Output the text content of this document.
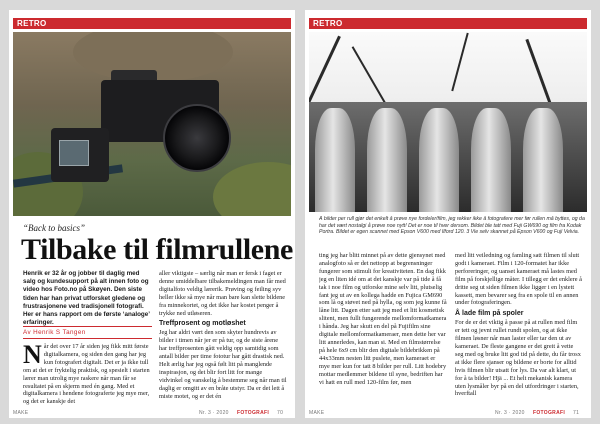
RETRO
“Back to basics”
Tilbake til filmrullene
Henrik er 32 år og jobber til daglig med salg og kundesupport på alt innen foto og video hos Foto.no på Skøyen. Den siste tiden har han privat utforsket gledene og frustrasjonene ved tradisjonell fotografi. Her er hans rapport om de første ‘analoge’ erfaringer.
Av Henrik S Tangen
Når det over 17 år siden jeg fikk mitt første digitalkamera, og siden den gang har jeg kun fotografert digitalt. Det er ja ikke tull om at det er fryktelig praktisk, og spesielt i starten lærer man utrolig mye raskere når man får se resultatet på en skjerm med én gang. Med et digitalkamera i hendene fotograferte jeg mye mer, og det er kanskje det
aller viktigste – særlig når man er fersk i faget er denne umiddelbare tilbakemeldingen man får med digitalfoto veldig lærerik. Prøving og feiling syv heller ikke så mye når man bare kan slette bildene fra minnekortet, og det ikke har kostet penger å trykke ned utløseren.
Treffprosent og motløshet
Jeg har aldri vært den som skyter hundrevis av bilder i timen når jer er på tur, og de siste årene har treffprosenten gått veldig opp samtidig som antall bilder per time fototur har gått drastisk ned. Helt ærlig har jeg også følt litt på manglende inspirasjon, og det blir fort litt for mange vidvinkel og vanskelig å bestemme seg når man til daglig er omgitt av en bråte utstyr. Da er det lett å miste motet, og er det én
MAKE	Nr. 3 · 2020 FOTOGRAFI 70
RETRO
Å bilder per rull gjør det enkelt å prøve nye fordeler/film, jeg rekker ikke å fotografere mer før rullen må byttes, og da har det vært nostalgi å prøve noe nytt! Det er noe til hver dersom. Bildet ble tatt med Fuji GW690 og film fra Kodak Portra. Bildet er egen scannet med Epson V600 med Ilford 120. 3 Vie selv skannet på Epson V600 og Fuji Velvia.
ting jeg har blitt minnet på av dette gjensynet med analogfoto så er det nettopp at begrensninger fungerer som stimuli for kreativiteten. En dag fikk jeg en liten idé om at det kanskje var på tide å få tak i noe film og utforske mine selv litt, plutselig fant jeg ut av en kollega hadde en Fujica GM690 som lå og støvet ned på hylla, og som jeg kunne få låne litt. Dagen etter satt jeg med et litt kosmetisk slitent, men fullt fungerende mellomformatkamera i hånda. Jeg har skutt en del på Fujifilm sine digitale mellomformatkameraer, men dette her var litt annerledes, kan man si. Med en filmstørrelse på hele 6x9 cm blir den digitale bildebrikken på 44x33mm nesten litt puslete, men kameraet er mye mer kun for tatt 8 bilder per rull. Litt hodebry mottar medlemmer bildene til syne, bedriften har vi hatt en rull med 120-film før, men
med litt veiledning og famling satt filmen til slutt godt i kameraet. Film i 120-formatet har ikke perforeringer, og uanset kameraet må lastes med film på forskjellige måter. I tillegg er det enklere å dritte seg ut siden filmen ikke ligger i en lystett kassett, men bevarer seg fra en spole til en annen under fotograferingen.
Å lade film på spoler
For de er det viktig å passe på at rullen med film er tett og jevnt rullet rundt spolen, og at ikke filmen løsner når man laster eller tar den ut av kameraet. De fleste gangene er det greit å vette seg med og bruke litt god tid på dette, du får trosx at ikke flere sjanser og bildene er borte for alltid hvis filmen blir utsatt for lys. Da var alt klart, ut for å ta bilder! Hjä ... Et helt mekanisk kamera uten lysmåler byr på en del utfordringer i starten, hverftall
MAKE	Nr. 3 · 2020 FOTOGRAFI 71
